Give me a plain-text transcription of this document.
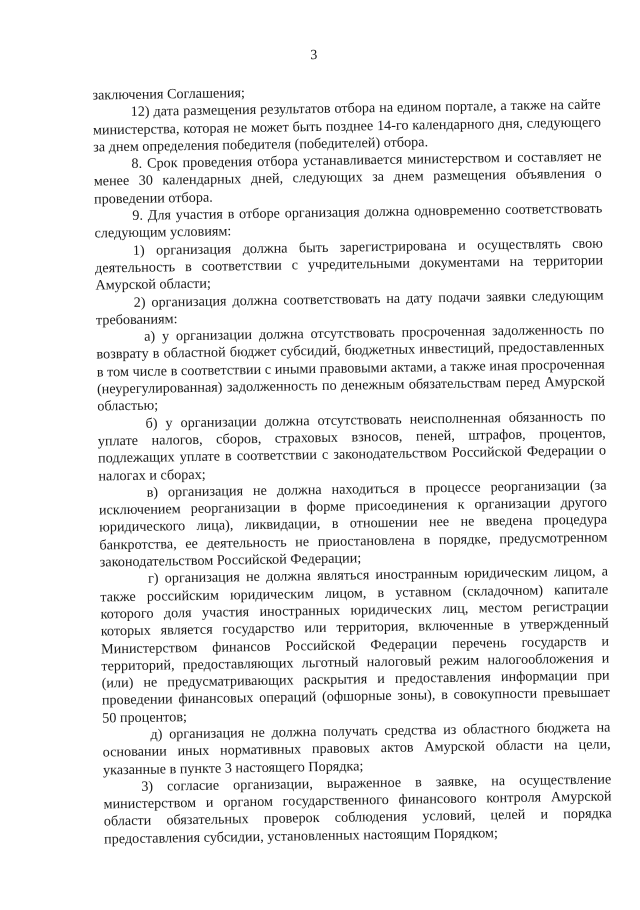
3

заключения Соглашения;

12) дата размещения результатов отбора на едином портале, а также на сайте министерства, которая не может быть позднее 14-го календарного дня, следующего за днем определения победителя (победителей) отбора.

8. Срок проведения отбора устанавливается министерством и составляет не менее 30 календарных дней, следующих за днем размещения объявления о проведении отбора.

9. Для участия в отборе организация должна одновременно соответствовать следующим условиям:

1) организация должна быть зарегистрирована и осуществлять свою деятельность в соответствии с учредительными документами на территории Амурской области;

2) организация должна соответствовать на дату подачи заявки следующим требованиям:

а) у организации должна отсутствовать просроченная задолженность по возврату в областной бюджет субсидий, бюджетных инвестиций, предоставленных в том числе в соответствии с иными правовыми актами, а также иная просроченная (неурегулированная) задолженность по денежным обязательствам перед Амурской областью;

б) у организации должна отсутствовать неисполненная обязанность по уплате налогов, сборов, страховых взносов, пеней, штрафов, процентов, подлежащих уплате в соответствии с законодательством Российской Федерации о налогах и сборах;

в) организация не должна находиться в процессе реорганизации (за исключением реорганизации в форме присоединения к организации другого юридического лица), ликвидации, в отношении нее не введена процедура банкротства, ее деятельность не приостановлена в порядке, предусмотренном законодательством Российской Федерации;

г) организация не должна являться иностранным юридическим лицом, а также российским юридическим лицом, в уставном (складочном) капитале которого доля участия иностранных юридических лиц, местом регистрации которых является государство или территория, включенные в утвержденный Министерством финансов Российской Федерации перечень государств и территорий, предоставляющих льготный налоговый режим налогообложения и (или) не предусматривающих раскрытия и предоставления информации при проведении финансовых операций (офшорные зоны), в совокупности превышает 50 процентов;

д) организация не должна получать средства из областного бюджета на основании иных нормативных правовых актов Амурской области на цели, указанные в пункте 3 настоящего Порядка;

3) согласие организации, выраженное в заявке, на осуществление министерством и органом государственного финансового контроля Амурской области обязательных проверок соблюдения условий, целей и порядка предоставления субсидии, установленных настоящим Порядком;
